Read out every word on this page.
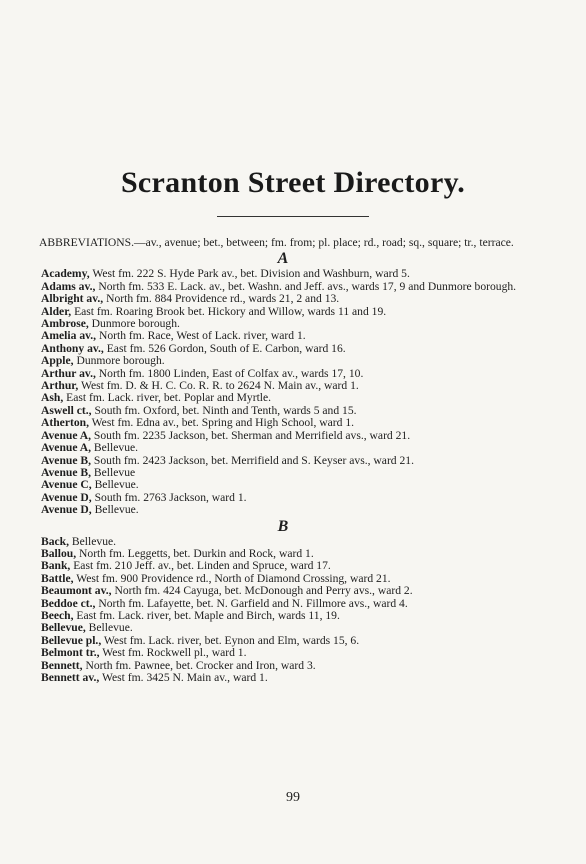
Scranton Street Directory.

ABBREVIATIONS.—av., avenue; bet., between; fm. from; pl. place; rd., road; sq., square; tr., terrace.

A

Academy, West fm. 222 S. Hyde Park av., bet. Division and Washburn, ward 5.

Adams av., North fm. 533 E. Lack. av., bet. Washn. and Jeff. avs., wards 17, 9 and Dunmore borough.

Albright av., North fm. 884 Providence rd., wards 21, 2 and 13.

Alder, East fm. Roaring Brook bet. Hickory and Willow, wards 11 and 19.

Ambrose, Dunmore borough.

Amelia av., North fm. Race, West of Lack. river, ward 1.

Anthony av., East fm. 526 Gordon, South of E. Carbon, ward 16.

Apple, Dunmore borough.

Arthur av., North fm. 1800 Linden, East of Colfax av., wards 17, 10.

Arthur, West fm. D. & H. C. Co. R. R. to 2624 N. Main av., ward 1.

Ash, East fm. Lack. river, bet. Poplar and Myrtle.

Aswell ct., South fm. Oxford, bet. Ninth and Tenth, wards 5 and 15.

Atherton, West fm. Edna av., bet. Spring and High School, ward 1.

Avenue A, South fm. 2235 Jackson, bet. Sherman and Merrifield avs., ward 21.

Avenue A, Bellevue.

Avenue B, South fm. 2423 Jackson, bet. Merrifield and S. Keyser avs., ward 21.

Avenue B, Bellevue

Avenue C, Bellevue.

Avenue D, South fm. 2763 Jackson, ward 1.

Avenue D, Bellevue.

B

Back, Bellevue.

Ballou, North fm. Leggetts, bet. Durkin and Rock, ward 1.

Bank, East fm. 210 Jeff. av., bet. Linden and Spruce, ward 17.

Battle, West fm. 900 Providence rd., North of Diamond Crossing, ward 21.

Beaumont av., North fm. 424 Cayuga, bet. McDonough and Perry avs., ward 2.

Beddoe ct., North fm. Lafayette, bet. N. Garfield and N. Fillmore avs., ward 4.

Beech, East fm. Lack. river, bet. Maple and Birch, wards 11, 19.

Bellevue, Bellevue.

Bellevue pl., West fm. Lack. river, bet. Eynon and Elm, wards 15, 6.

Belmont tr., West fm. Rockwell pl., ward 1.

Bennett, North fm. Pawnee, bet. Crocker and Iron, ward 3.

Bennett av., West fm. 3425 N. Main av., ward 1.

99
